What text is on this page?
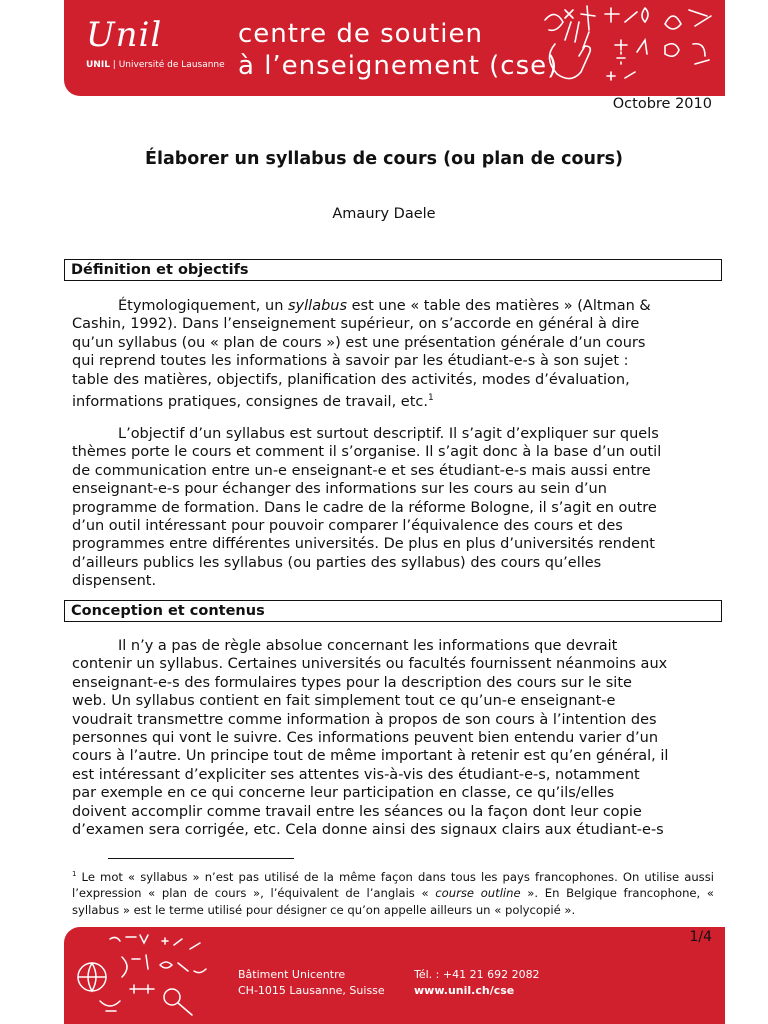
Unil
UNIL | Université de Lausanne
centre de soutien
à l’enseignement (cse)
Octobre 2010
Élaborer un syllabus de cours (ou plan de cours)
Amaury Daele
Définition et objectifs

Étymologiquement, un syllabus est une « table des matières » (Altman &
Cashin, 1992). Dans l’enseignement supérieur, on s’accorde en général à dire
qu’un syllabus (ou « plan de cours ») est une présentation générale d’un cours
qui reprend toutes les informations à savoir par les étudiant-e-s à son sujet :
table des matières, objectifs, planification des activités, modes d’évaluation,
informations pratiques, consignes de travail, etc.$^1$

L’objectif d’un syllabus est surtout descriptif. Il s’agit d’expliquer sur quels
thèmes porte le cours et comment il s’organise. Il s’agit donc à la base d’un outil
de communication entre un-e enseignant-e et ses étudiant-e-s mais aussi entre
enseignant-e-s pour échanger des informations sur les cours au sein d’un
programme de formation. Dans le cadre de la réforme Bologne, il s’agit en outre
d’un outil intéressant pour pouvoir comparer l’équivalence des cours et des
programmes entre différentes universités. De plus en plus d’universités rendent
d’ailleurs publics les syllabus (ou parties des syllabus) des cours qu’elles
dispensent.

Conception et contenus

Il n’y a pas de règle absolue concernant les informations que devrait
contenir un syllabus. Certaines universités ou facultés fournissent néanmoins aux
enseignant-e-s des formulaires types pour la description des cours sur le site
web. Un syllabus contient en fait simplement tout ce qu’un-e enseignant-e
voudrait transmettre comme information à propos de son cours à l’intention des
personnes qui vont le suivre. Ces informations peuvent bien entendu varier d’un
cours à l’autre. Un principe tout de même important à retenir est qu’en général, il
est intéressant d’expliciter ses attentes vis-à-vis des étudiant-e-s, notamment
par exemple en ce qui concerne leur participation en classe, ce qu’ils/elles
doivent accomplir comme travail entre les séances ou la façon dont leur copie
d’examen sera corrigée, etc. Cela donne ainsi des signaux clairs aux étudiant-e-s

$^1$ Le mot « syllabus » n’est pas utilisé de la même façon dans tous les pays francophones. On utilise aussi l’expression « plan de cours », l’équivalent de l’anglais « course outline ». En Belgique francophone, « syllabus » est le terme utilisé pour désigner ce qu’on appelle ailleurs un « polycopié ».
Bâtiment Unicentre
CH-1015 Lausanne, Suisse
Tél. : +41 21 692 2082
www.unil.ch/cse
1/4
